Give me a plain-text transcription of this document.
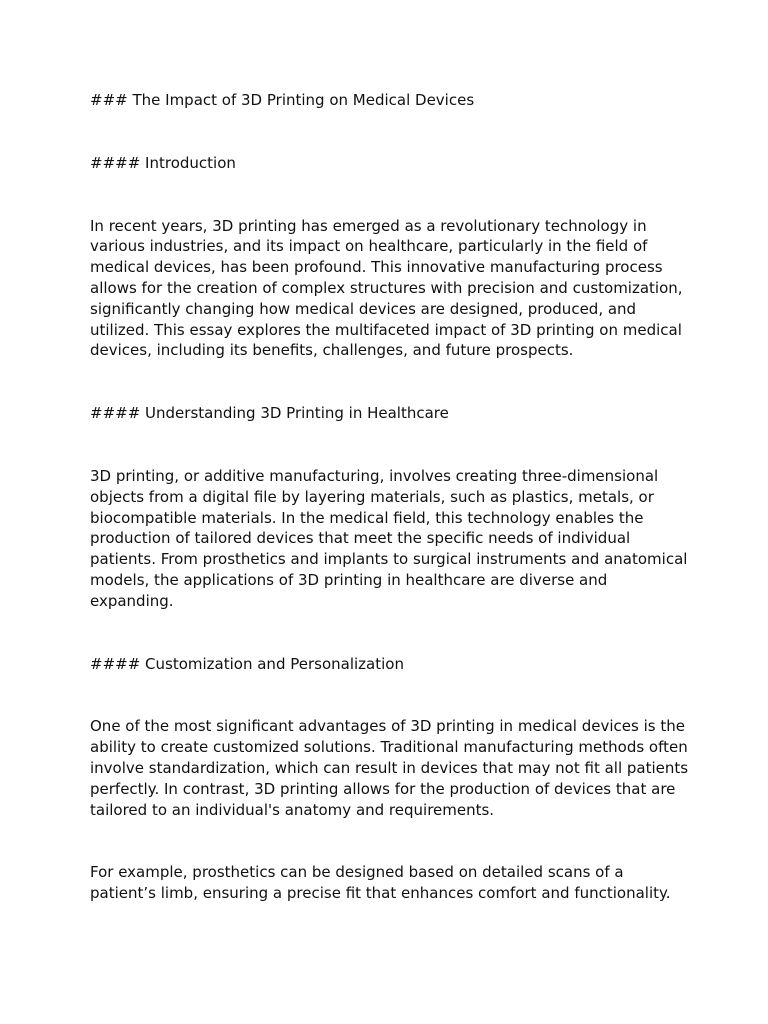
### The Impact of 3D Printing on Medical Devices
#### Introduction

In recent years, 3D printing has emerged as a revolutionary technology in various industries, and its impact on healthcare, particularly in the field of medical devices, has been profound. This innovative manufacturing process allows for the creation of complex structures with precision and customization, significantly changing how medical devices are designed, produced, and utilized. This essay explores the multifaceted impact of 3D printing on medical devices, including its benefits, challenges, and future prospects.

#### Understanding 3D Printing in Healthcare

3D printing, or additive manufacturing, involves creating three-dimensional objects from a digital file by layering materials, such as plastics, metals, or biocompatible materials. In the medical field, this technology enables the production of tailored devices that meet the specific needs of individual patients. From prosthetics and implants to surgical instruments and anatomical models, the applications of 3D printing in healthcare are diverse and expanding.

#### Customization and Personalization

One of the most significant advantages of 3D printing in medical devices is the ability to create customized solutions. Traditional manufacturing methods often involve standardization, which can result in devices that may not fit all patients perfectly. In contrast, 3D printing allows for the production of devices that are tailored to an individual's anatomy and requirements.

For example, prosthetics can be designed based on detailed scans of a patient’s limb, ensuring a precise fit that enhances comfort and functionality.
